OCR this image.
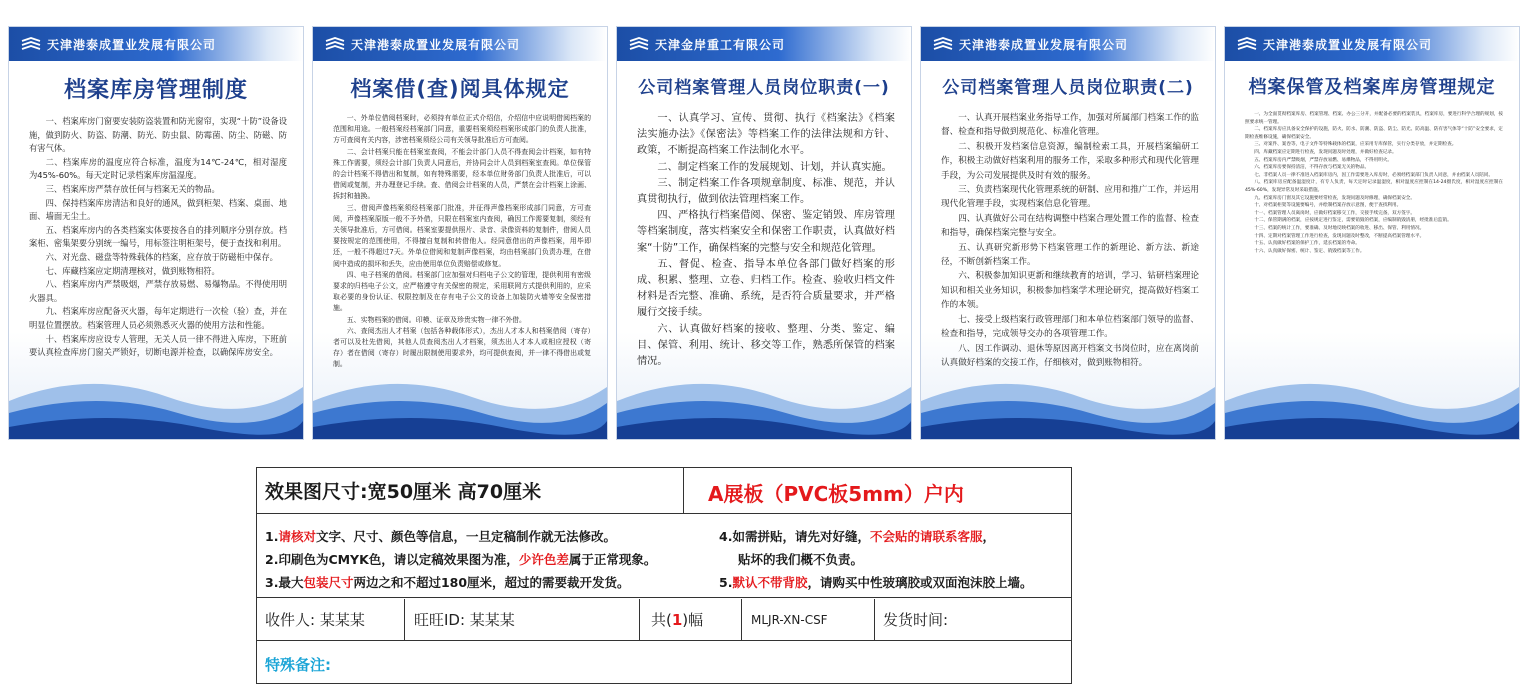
天津港泰成置业发展有限公司
档案库房管理制度

一、档案库房门窗要安装防盗装置和防光窗帘，实现“十防”设备设施，做到防火、防盗、防潮、防光、防虫鼠、防霉菌、防尘、防磁、防有害气体。

二、档案库房的温度应符合标准，温度为14℃-24℃，相对湿度为45%-60%。每天定时记录档案库房温湿度。

三、档案库房严禁存放任何与档案无关的物品。

四、保持档案库房清洁和良好的通风，做到柜架、档案、桌面、地面、墙面无尘土。

五、档案库房内的各类档案实体要按各自的排列顺序分别存放。档案柜、密集架要分别统一编号，用标签注明柜架号，便于查找和利用。

六、对光盘、磁盘等特殊载体的档案，应存放于防磁柜中保存。

七、库藏档案应定期清理核对，做到账物相符。

八、档案库房内严禁吸烟，严禁存放易燃、易爆物品。不得使用明火器具。

九、档案库房应配备灭火器，每年定期进行一次检（验）查，并在明显位置摆放。档案管理人员必须熟悉灭火器的使用方法和性能。

十、档案库房应设专人管理，无关人员一律不得进入库房，下班前要认真检查库房门窗关严锁好，切断电源并检查，以确保库房安全。

天津港泰成置业发展有限公司
档案借(查)阅具体规定

一、外单位借阅档案时，必须持有单位正式介绍信，介绍信中应说明借阅档案的范围和用途。一般档案经档案部门同意，重要档案须经档案形成部门的负责人批准，方可查阅有关内容，涉密档案须经公司有关领导批准后方可查阅。

二、会计档案只能在档案室查阅，不能会计部门人员不得查阅会计档案，如有特殊工作需要，须经会计部门负责人同意后，并协同会计人员到档案室查阅。单位保管的会计档案不得借出和复制，如有特殊需要，经本单位财务部门负责人批准后，可以借阅或复制，并办理登记手续。查、借阅会计档案的人员，严禁在会计档案上涂画、拆封和抽换。

三、借阅声像档案须经档案部门批准，并征得声像档案形成部门同意，方可查阅，声像档案原版一般不予外借，只限在档案室内查阅，确因工作需要复制，须经有关领导批准后，方可借阅。档案室要提供照片、录音、录像资料的复制件，借阅人员要按规定的范围使用，不得擅自复制和转借他人。经同意借出的声像档案，用毕即还，一般不得超过7天。外单位借阅和复制声像档案，均由档案部门负责办理，在借阅中造成的损坏和丢失，应由使用单位负责赔偿或修复。

四、电子档案的借阅。档案部门应加强对归档电子公文的管理，提供利用有密级要求的归档电子公文，应严格遵守有关保密的规定，采用联网方式提供利用的，应采取必要的身份认证、权限控制及在存有电子公文的设备上加装防火墙等安全保密措施。

五、实物档案的借阅。印模、证章及珍贵实物一律不外借。

六、查阅杰出人才档案（包括各种载体形式），杰出人才本人和档案借阅（寄存）者可以及杜先借阅，其他人员查阅杰出人才档案，须杰出人才本人或相应授权（寄存）者在借阅（寄存）时履出限制使用要求外，均可提供查阅，并一律不得借出或复制。

天津金岸重工有限公司
公司档案管理人员岗位职责(一)

一、认真学习、宣传、贯彻、执行《档案法》《档案法实施办法》《保密法》等档案工作的法律法规和方针、政策，不断提高档案工作法制化水平。

二、制定档案工作的发展规划、计划，并认真实施。

三、制定档案工作各项规章制度、标准、规范，并认真贯彻执行，做到依法管理档案工作。

四、严格执行档案借阅、保密、鉴定销毁、库房管理等档案制度，落实档案安全和保密工作职责，认真做好档案“十防”工作，确保档案的完整与安全和规范化管理。

五、督促、检查、指导本单位各部门做好档案的形成、积累、整理、立卷、归档工作。检查、验收归档文件材料是否完整、准确、系统，是否符合质量要求，并严格履行交接手续。

六、认真做好档案的接收、整理、分类、鉴定、编目、保管、利用、统计、移交等工作，熟悉所保管的档案情况。

天津港泰成置业发展有限公司
公司档案管理人员岗位职责(二)

一、认真开展档案业务指导工作，加强对所属部门档案工作的监督、检查和指导做到规范化、标准化管理。

二、积极开发档案信息资源，编制检索工具，开展档案编研工作，积极主动做好档案利用的服务工作，采取多种形式和现代化管理手段，为公司发展提供及时有效的服务。

三、负责档案现代化管理系统的研制、应用和推广工作，并运用现代化管理手段，实现档案信息化管理。

四、认真做好公司在结构调整中档案合理处置工作的监督、检查和指导，确保档案完整与安全。

五、认真研究新形势下档案管理工作的新理论、新方法、新途径，不断创新档案工作。

六、积极参加知识更新和继续教育的培训，学习、钻研档案理论知识和相关业务知识，积极参加档案学术理论研究，提高做好档案工作的本领。

七、接受上级档案行政管理部门和本单位档案部门领导的监督、检查和指导，完成领导交办的各项管理工作。

八、因工作调动、退休等原因离开档案文书岗位时，应在离岗前认真做好档案的交接工作，仔细核对，做到账物相符。

天津港泰成置业发展有限公司
档案保管及档案库房管理规定

一、为全面贯彻档案库房、档案管理、档案、办公三分开，并配备必要的档案装具，档案库房，要进行科学合理的规划，按照要求统一管理。

二、档案库房应具备安全保护的设施，防火、防水、防潮、防盗、防尘、防光、防高温、防有害气体等“十防”安全要求，定期检查维修设施，确保档案安全。

三、对案件、案卷等，电子文件等特殊载体的档案，应采用专库保管，实行分类存放，并定期检查。

四、库藏档案应定期进行检查，发现问题及时处理，并做好检查记录。

五、档案库房内严禁吸烟，严禁存放易燃、易爆物品，不得用明火。

六、档案库房要保持清洁，不得存放与档案无关的物品。

七、非档案人员一律不准进入档案库房内，因工作需要进入库房时，必须经档案部门负责人同意，并由档案人员陪同。

八、档案库房应配备温湿度计，有专人负责，每天定时记录温湿度，相对温度应控制在14-24摄氏度，相对湿度应控制在45%-60%，发现异常及时采取措施。

九、档案库房门窗及其它设施要经常检查，发现问题及时修理，确保档案安全。

十、对档案柜架等设施要编号，并绘制档案存放示意图，便于查找利用。

十一、档案管理人员离岗时，应做好档案移交工作，交接手续完备，双方签字。

十二、保管期满的档案，应按规定进行鉴定，需要销毁的档案，应编制销毁清册，经批准后监销。

十三、档案的统计工作，要准确、及时地反映档案的收进、移出、保管、利用情况。

十四、定期对档案管理工作进行检查，发现问题及时整改，不断提高档案管理水平。

十五、认真做好档案的保护工作，延长档案的寿命。

十六、认真做好保密、统计、鉴定、销毁档案等工作。

效果图尺寸:宽50厘米 高70厘米	A展板（PVC板5mm）户内
1.请核对文字、尺寸、颜色等信息，一旦定稿制作就无法修改。
2.印刷色为CMYK色，请以定稿效果图为准，少许色差属于正常现象。
3.最大包装尺寸两边之和不超过180厘米，超过的需要裁开发货。
4.如需拼贴，请先对好缝，不会贴的请联系客服，
贴坏的我们概不负责。
5.默认不带背胶，请购买中性玻璃胶或双面泡沫胶上墙。
收件人: 某某某	旺旺ID: 某某某	共( 1 )幅	MLJR-XN-CSF	发货时间:
特殊备注:
